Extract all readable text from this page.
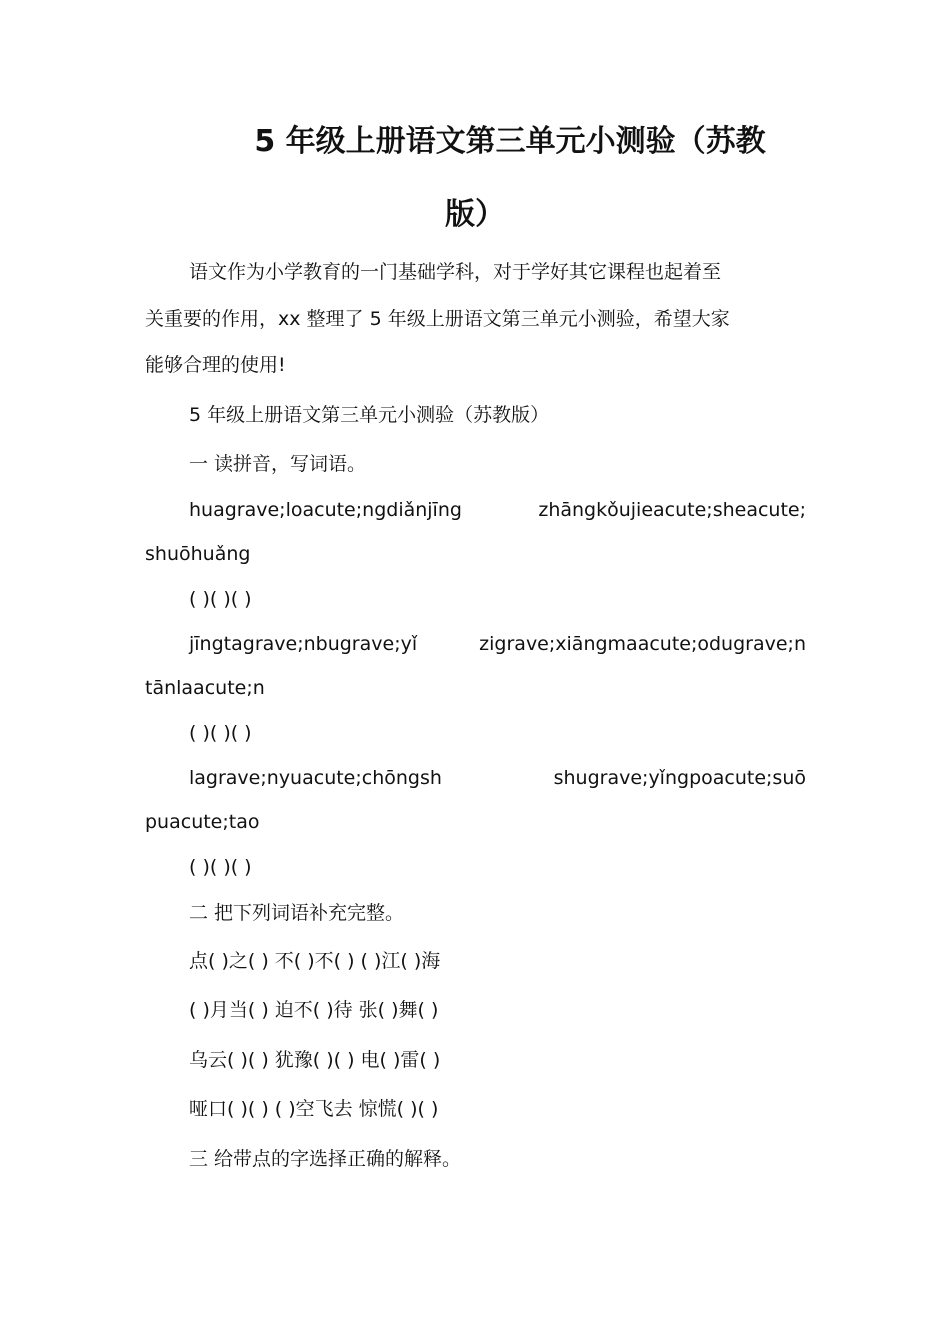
5 年级上册语文第三单元小测验（苏教
版）

语文作为小学教育的一门基础学科，对于学好其它课程也起着至

关重要的作用，xx 整理了 5 年级上册语文第三单元小测验，希望大家

能够合理的使用!

5 年级上册语文第三单元小测验（苏教版）

一 读拼音，写词语。

huagrave;loacute;ngdiǎnjīng	zhāngkǒujieacute;sheacute;

shuōhuǎng

( )( )( )

jīngtagrave;nbugrave;yǐ	zigrave;xiāngmaacute;odugrave;n

tānlaacute;n

( )( )( )

lagrave;nyuacute;chōngsh	shugrave;yǐngpoacute;suō

puacute;tao

( )( )( )

二 把下列词语补充完整。

点( )之( ) 不( )不( ) ( )江( )海

( )月当( ) 迫不( )待 张( )舞( )

乌云( )( ) 犹豫( )( ) 电( )雷( )

哑口( )( ) ( )空飞去 惊慌( )( )

三 给带点的字选择正确的解释。
